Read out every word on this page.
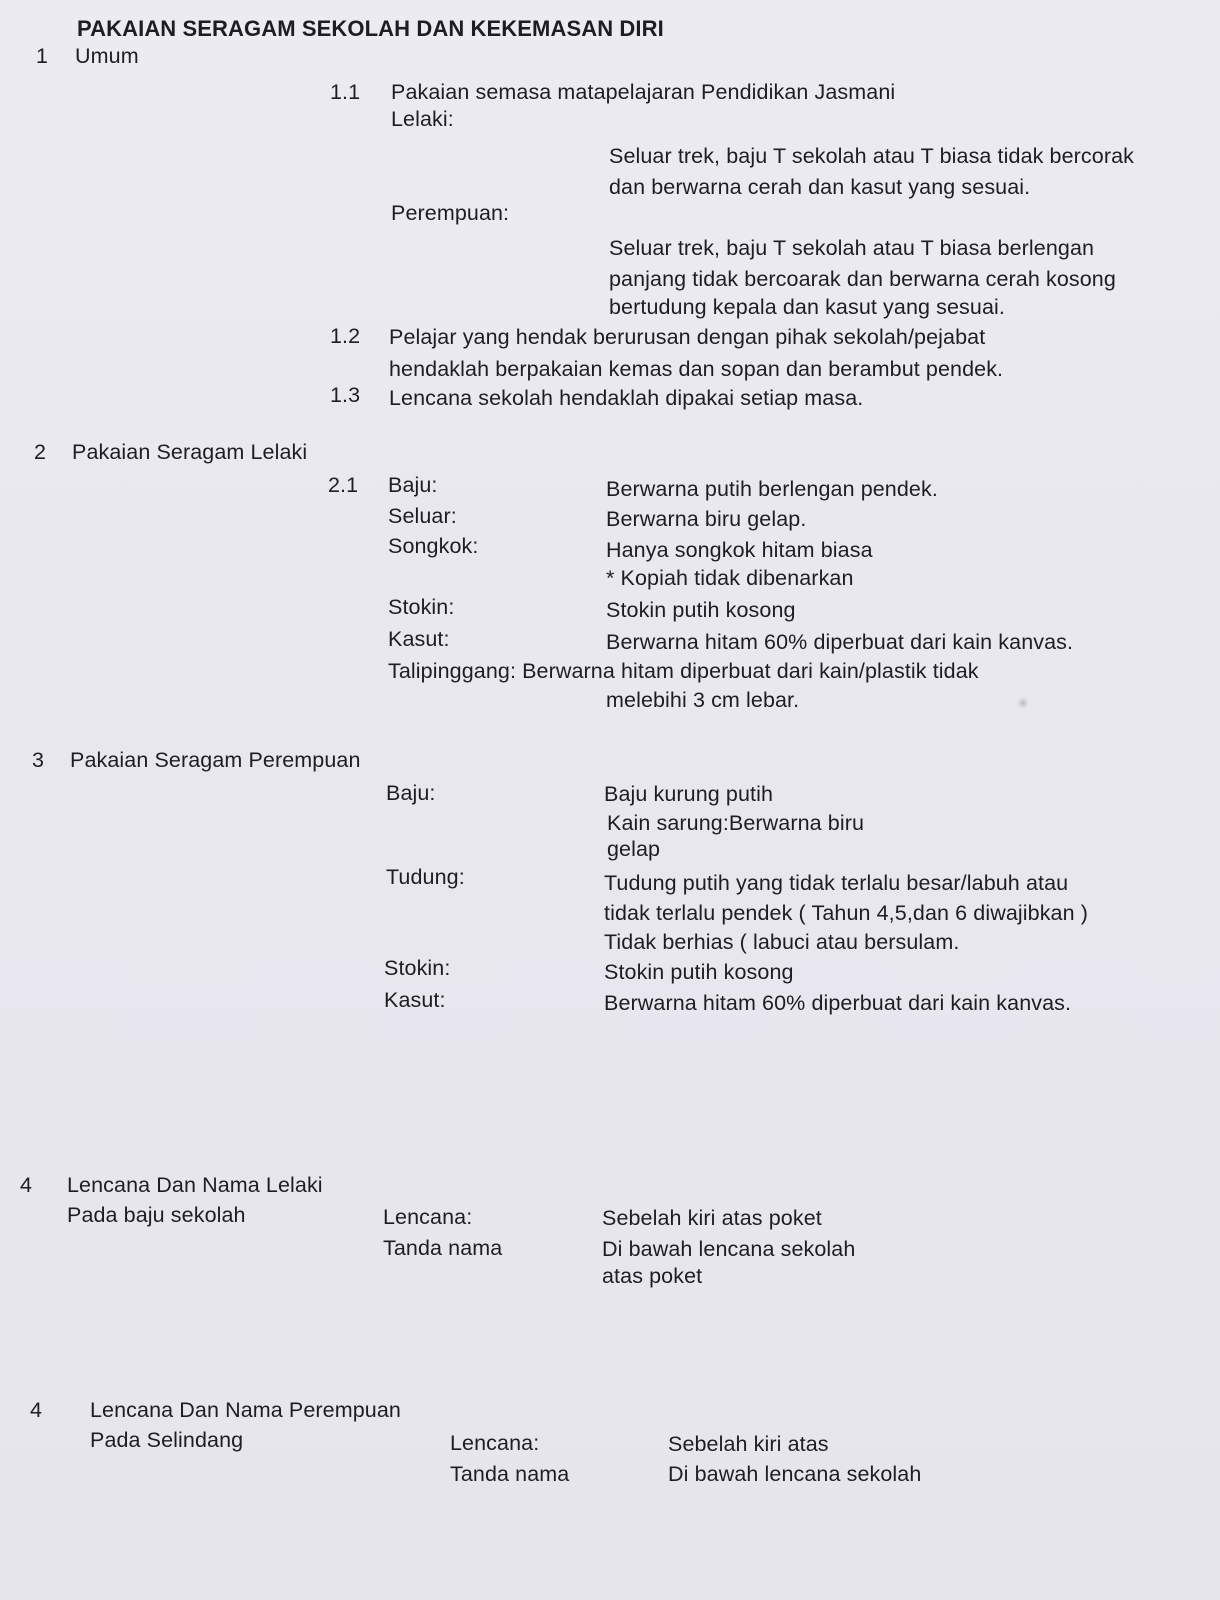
PAKAIAN SERAGAM SEKOLAH DAN KEKEMASAN DIRI
1 Umum
1.1 Pakaian semasa matapelajaran Pendidikan Jasmani
Lelaki:
Seluar trek, baju T sekolah atau T biasa tidak bercorak
dan berwarna cerah dan kasut yang sesuai.
Perempuan:
Seluar trek, baju T sekolah atau T biasa berlengan
panjang tidak bercoarak dan berwarna cerah kosong
bertudung kepala dan kasut yang sesuai.
1.2 Pelajar yang hendak berurusan dengan pihak sekolah/pejabat
hendaklah berpakaian kemas dan sopan dan berambut pendek.
1.3 Lencana sekolah hendaklah dipakai setiap masa.
2 Pakaian Seragam Lelaki
2.1 Baju:	Berwarna putih berlengan pendek.
Seluar:	Berwarna biru gelap.
Songkok:	Hanya songkok hitam biasa
* Kopiah tidak dibenarkan
Stokin:	Stokin putih kosong
Kasut:	Berwarna hitam 60% diperbuat dari kain kanvas.
Talipinggang: Berwarna hitam diperbuat dari kain/plastik tidak
melebihi 3 cm lebar.
3 Pakaian Seragam Perempuan
Baju:	Baju kurung putih
Kain sarung:Berwarna biru
gelap
Tudung:	Tudung putih yang tidak terlalu besar/labuh atau
tidak terlalu pendek ( Tahun 4,5,dan 6 diwajibkan )
Tidak berhias ( labuci atau bersulam.
Stokin:	Stokin putih kosong
Kasut:	Berwarna hitam 60% diperbuat dari kain kanvas.
4 Lencana Dan Nama Lelaki
Pada baju sekolah	Lencana:	Sebelah kiri atas poket
Tanda nama	Di bawah lencana sekolah
atas poket
4 Lencana Dan Nama Perempuan
Pada Selindang	Lencana:	Sebelah kiri atas
Tanda nama	Di bawah lencana sekolah
